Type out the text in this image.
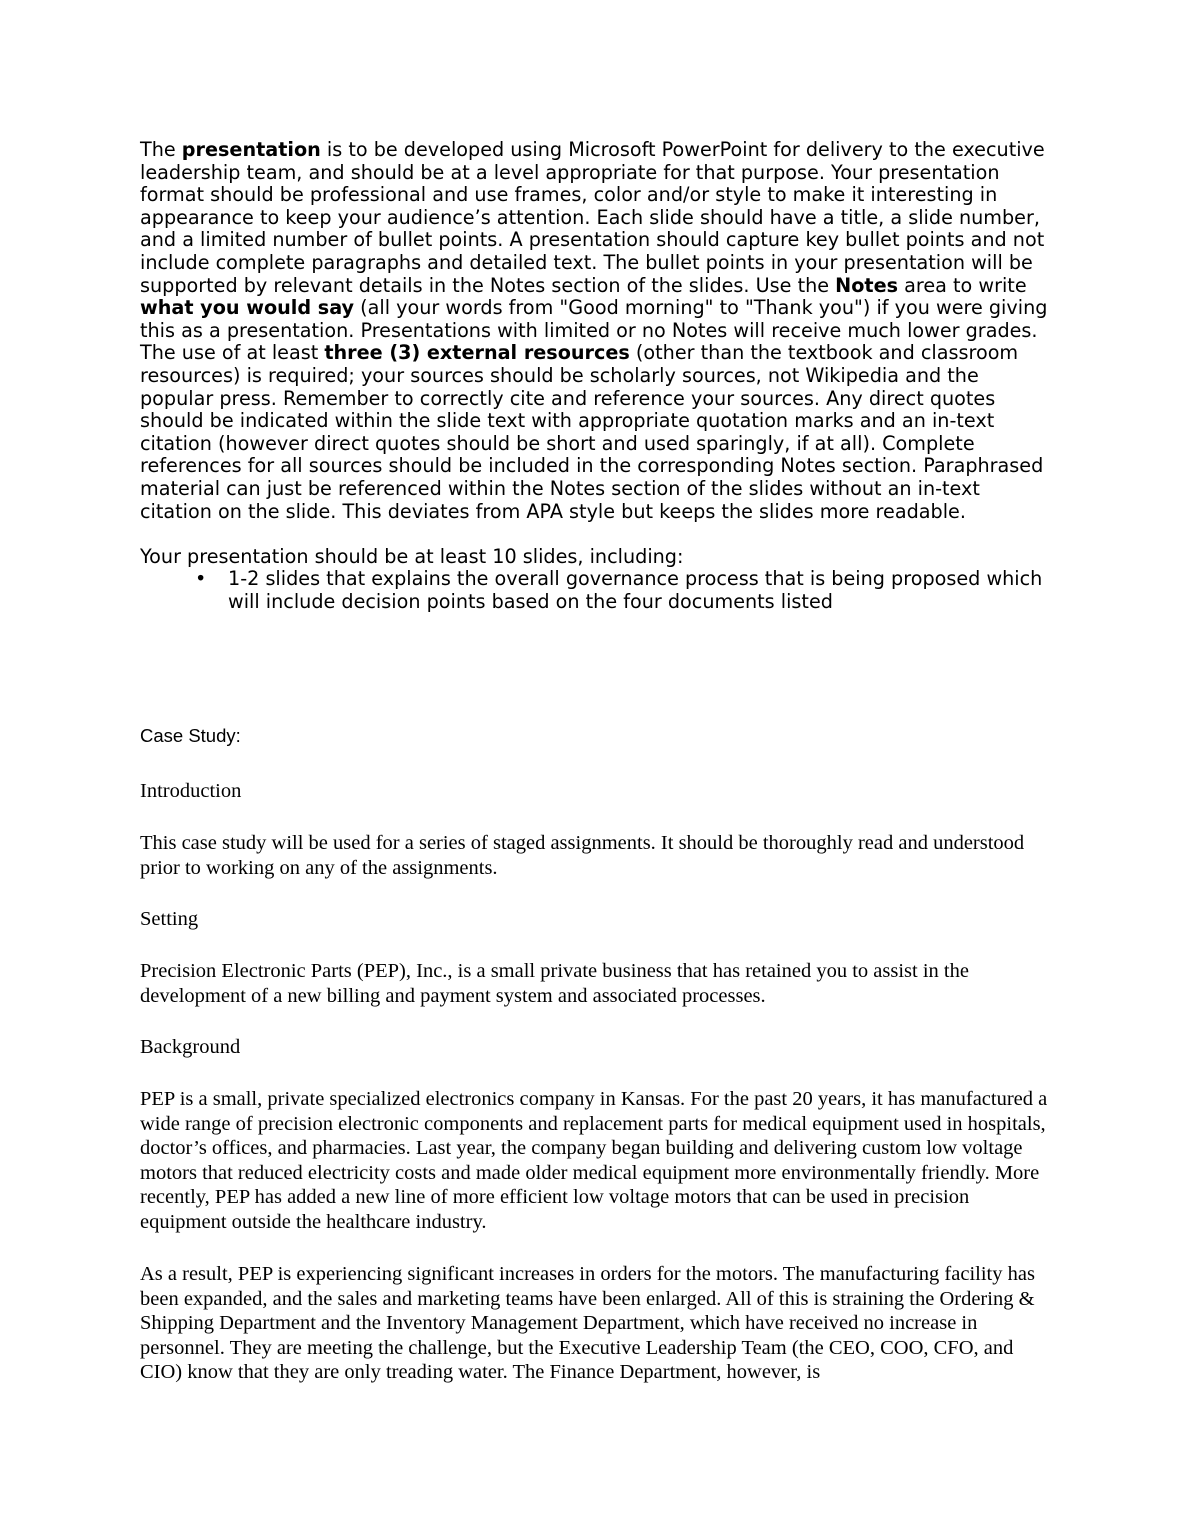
The presentation is to be developed using Microsoft PowerPoint for delivery to the executive leadership team, and should be at a level appropriate for that purpose. Your presentation format should be professional and use frames, color and/or style to make it interesting in appearance to keep your audience’s attention. Each slide should have a title, a slide number, and a limited number of bullet points. A presentation should capture key bullet points and not include complete paragraphs and detailed text. The bullet points in your presentation will be supported by relevant details in the Notes section of the slides. Use the Notes area to write what you would say (all your words from "Good morning" to "Thank you") if you were giving this as a presentation. Presentations with limited or no Notes will receive much lower grades. The use of at least three (3) external resources (other than the textbook and classroom resources) is required; your sources should be scholarly sources, not Wikipedia and the popular press. Remember to correctly cite and reference your sources. Any direct quotes should be indicated within the slide text with appropriate quotation marks and an in-text citation (however direct quotes should be short and used sparingly, if at all). Complete references for all sources should be included in the corresponding Notes section. Paraphrased material can just be referenced within the Notes section of the slides without an in-text citation on the slide. This deviates from APA style but keeps the slides more readable.

Your presentation should be at least 10 slides, including:

• 1-2 slides that explains the overall governance process that is being proposed which will include decision points based on the four documents listed
Case Study:

Introduction

This case study will be used for a series of staged assignments. It should be thoroughly read and understood prior to working on any of the assignments.

Setting

Precision Electronic Parts (PEP), Inc., is a small private business that has retained you to assist in the development of a new billing and payment system and associated processes.

Background

PEP is a small, private specialized electronics company in Kansas. For the past 20 years, it has manufactured a wide range of precision electronic components and replacement parts for medical equipment used in hospitals, doctor’s offices, and pharmacies. Last year, the company began building and delivering custom low voltage motors that reduced electricity costs and made older medical equipment more environmentally friendly. More recently, PEP has added a new line of more efficient low voltage motors that can be used in precision equipment outside the healthcare industry.

As a result, PEP is experiencing significant increases in orders for the motors. The manufacturing facility has been expanded, and the sales and marketing teams have been enlarged. All of this is straining the Ordering & Shipping Department and the Inventory Management Department, which have received no increase in personnel. They are meeting the challenge, but the Executive Leadership Team (the CEO, COO, CFO, and CIO) know that they are only treading water. The Finance Department, however, is
